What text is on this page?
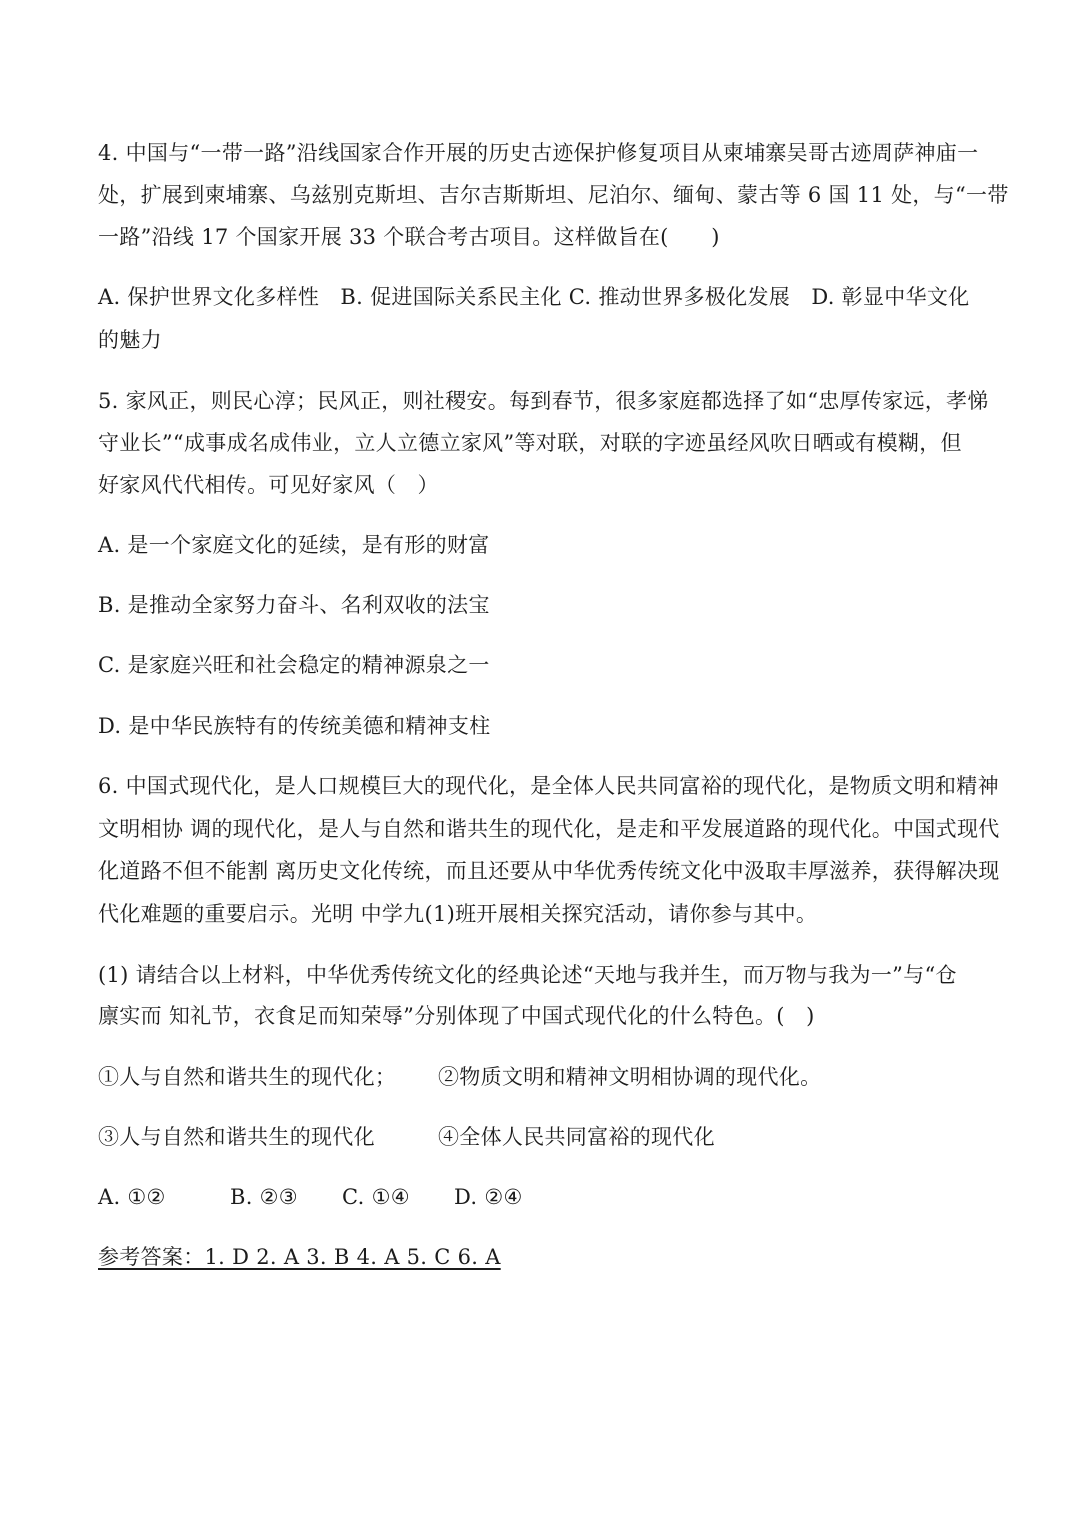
4. 中国与“一带一路”沿线国家合作开展的历史古迹保护修复项目从柬埔寨吴哥古迹周萨神庙一
处，扩展到柬埔寨、乌兹别克斯坦、吉尔吉斯斯坦、尼泊尔、缅甸、蒙古等 6 国 11 处，与“一带
一路”沿线 17 个国家开展 33 个联合考古项目。这样做旨在(　　)
A. 保护世界文化多样性　B. 促进国际关系民主化 C. 推动世界多极化发展　D. 彰显中华文化
的魅力
5. 家风正，则民心淳；民风正，则社稷安。每到春节，很多家庭都选择了如“忠厚传家远，孝悌
守业长”“成事成名成伟业，立人立德立家风”等对联，对联的字迹虽经风吹日晒或有模糊，但
好家风代代相传。可见好家风（　）
A. 是一个家庭文化的延续，是有形的财富
B. 是推动全家努力奋斗、名利双收的法宝
C. 是家庭兴旺和社会稳定的精神源泉之一
D. 是中华民族特有的传统美德和精神支柱
6. 中国式现代化，是人口规模巨大的现代化，是全体人民共同富裕的现代化，是物质文明和精神
文明相协 调的现代化，是人与自然和谐共生的现代化，是走和平发展道路的现代化。中国式现代
化道路不但不能割 离历史文化传统，而且还要从中华优秀传统文化中汲取丰厚滋养，获得解决现
代化难题的重要启示。光明 中学九(1)班开展相关探究活动，请你参与其中。
(1) 请结合以上材料，中华优秀传统文化的经典论述“天地与我并生，而万物与我为一”与“仓
廪实而 知礼节，衣食足而知荣辱”分别体现了中国式现代化的什么特色。(　)
①人与自然和谐共生的现代化； ②物质文明和精神文明相协调的现代化。
③人与自然和谐共生的现代化	④全体人民共同富裕的现代化
A. ①②	B. ②③ C. ①④ D. ②④
参考答案：1. D 2. A 3. B 4. A 5. C 6. A
